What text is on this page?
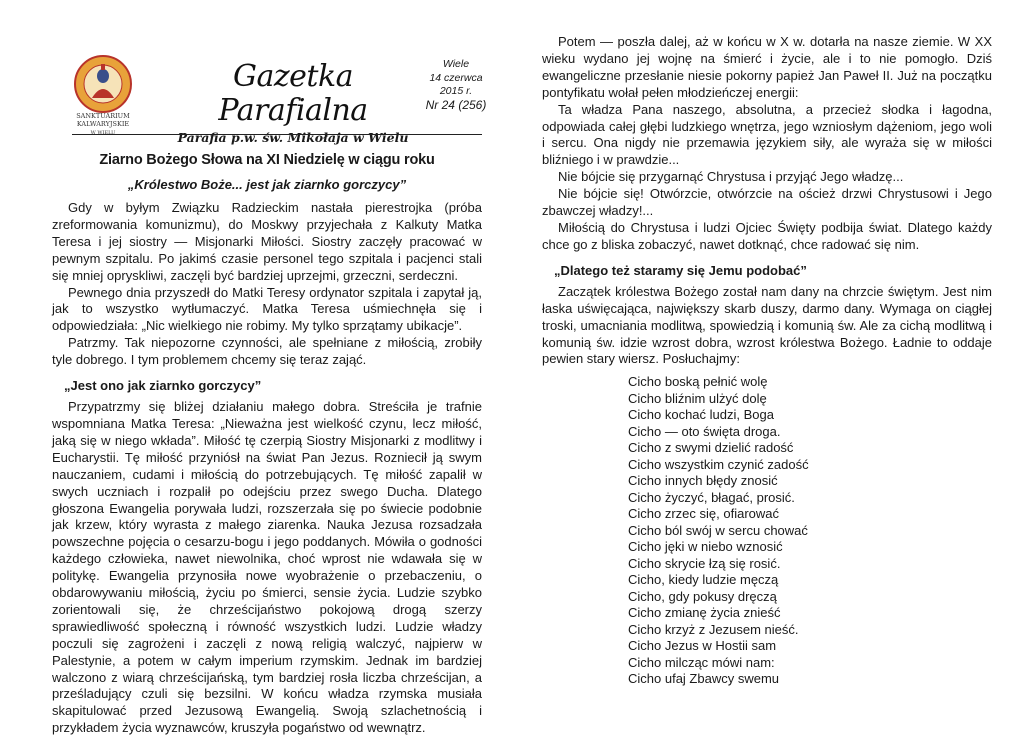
SANKTUARIUM
KALWARYJSKIE
W WIELU
Gazetka Parafialna
Parafia p.w. św. Mikołaja w Wielu
Wiele
14 czerwca
2015 r.
Nr 24 (256)
Ziarno Bożego Słowa na XI Niedzielę w ciągu roku
„Królestwo Boże... jest jak ziarnko gorczycy”

Gdy w byłym Związku Radzieckim nastała pierestrojka (próba zreformowania komunizmu), do Moskwy przyjechała z Kalkuty Matka Teresa i jej siostry — Misjonarki Miłości. Siostry zaczęły pracować w pewnym szpitalu. Po jakimś czasie personel tego szpitala i pacjenci stali się mniej opryskliwi, zaczęli być bardziej uprzejmi, grzeczni, serdeczni.

Pewnego dnia przyszedł do Matki Teresy ordynator szpitala i zapytał ją, jak to wszystko wytłumaczyć. Matka Teresa uśmiechnęła się i odpowiedziała: „Nic wielkiego nie robimy. My tylko sprzątamy ubikacje”.

Patrzmy. Tak niepozorne czynności, ale spełniane z miłością, zrobiły tyle dobrego. I tym problemem chcemy się teraz zająć.

„Jest ono jak ziarnko gorczycy”

Przypatrzmy się bliżej działaniu małego dobra. Streściła je trafnie wspomniana Matka Teresa: „Nieważna jest wielkość czynu, lecz miłość, jaką się w niego wkłada”. Miłość tę czerpią Siostry Misjonarki z modlitwy i Eucharystii. Tę miłość przyniósł na świat Pan Jezus. Rozniecił ją swym nauczaniem, cudami i miłością do potrzebujących. Tę miłość zapalił w swych uczniach i rozpalił po odejściu przez swego Ducha. Dlatego głoszona Ewangelia porywała ludzi, rozszerzała się po świecie podobnie jak krzew, który wyrasta z małego ziarenka. Nauka Jezusa rozsadzała powszechne pojęcia o cesarzu-bogu i jego poddanych. Mówiła o godności każdego człowieka, nawet niewolnika, choć wprost nie wdawała się w politykę. Ewangelia przynosiła nowe wyobrażenie o przebaczeniu, o obdarowywaniu miłością, życiu po śmierci, sensie życia. Ludzie szybko zorientowali się, że chrześcijaństwo pokojową drogą szerzy sprawiedliwość społeczną i równość wszystkich ludzi. Ludzie władzy poczuli się zagrożeni i zaczęli z nową religią walczyć, najpierw w Palestynie, a potem w całym imperium rzymskim. Jednak im bardziej walczono z wiarą chrześcijańską, tym bardziej rosła liczba chrześcijan, a prześladujący czuli się bezsilni. W końcu władza rzymska musiała skapitulować przed Jezusową Ewangelią. Swoją szlachetnością i przykładem życia wyznawców, kruszyła pogaństwo od wewnątrz.

Potem — poszła dalej, aż w końcu w X w. dotarła na nasze ziemie. W XX wieku wydano jej wojnę na śmierć i życie, ale i to nie pomogło. Dziś ewangeliczne przesłanie niesie pokorny papież Jan Paweł II. Już na początku pontyfikatu wołał pełen młodzieńczej energii:

Ta władza Pana naszego, absolutna, a przecież słodka i łagodna, odpowiada całej głębi ludzkiego wnętrza, jego wzniosłym dążeniom, jego woli i sercu. Ona nigdy nie przemawia językiem siły, ale wyraża się w miłości bliźniego i w prawdzie...

Nie bójcie się przygarnąć Chrystusa i przyjąć Jego władzę...

Nie bójcie się! Otwórzcie, otwórzcie na oścież drzwi Chrystusowi i Jego zbawczej władzy!...

Miłością do Chrystusa i ludzi Ojciec Święty podbija świat. Dlatego każdy chce go z bliska zobaczyć, nawet dotknąć, chce radować się nim.

„Dlatego też staramy się Jemu podobać”

Zaczątek królestwa Bożego został nam dany na chrzcie świętym. Jest nim łaska uświęcająca, największy skarb duszy, darmo dany. Wymaga on ciągłej troski, umacniania modlitwą, spowiedzią i komunią św. Ale za cichą modlitwą i komunią św. idzie wzrost dobra, wzrost królestwa Bożego. Ładnie to oddaje pewien stary wiersz. Posłuchajmy:

Cicho boską pełnić wolę
Cicho bliźnim ulżyć dolę
Cicho kochać ludzi, Boga
Cicho — oto święta droga.
Cicho z swymi dzielić radość
Cicho wszystkim czynić zadość
Cicho innych błędy znosić
Cicho życzyć, błagać, prosić.
Cicho zrzec się, ofiarować
Cicho ból swój w sercu chować
Cicho jęki w niebo wznosić
Cicho skrycie łzą się rosić.
Cicho, kiedy ludzie męczą
Cicho, gdy pokusy dręczą
Cicho zmianę życia znieść
Cicho krzyż z Jezusem nieść.
Cicho Jezus w Hostii sam
Cicho milcząc mówi nam:
Cicho ufaj Zbawcy swemu
